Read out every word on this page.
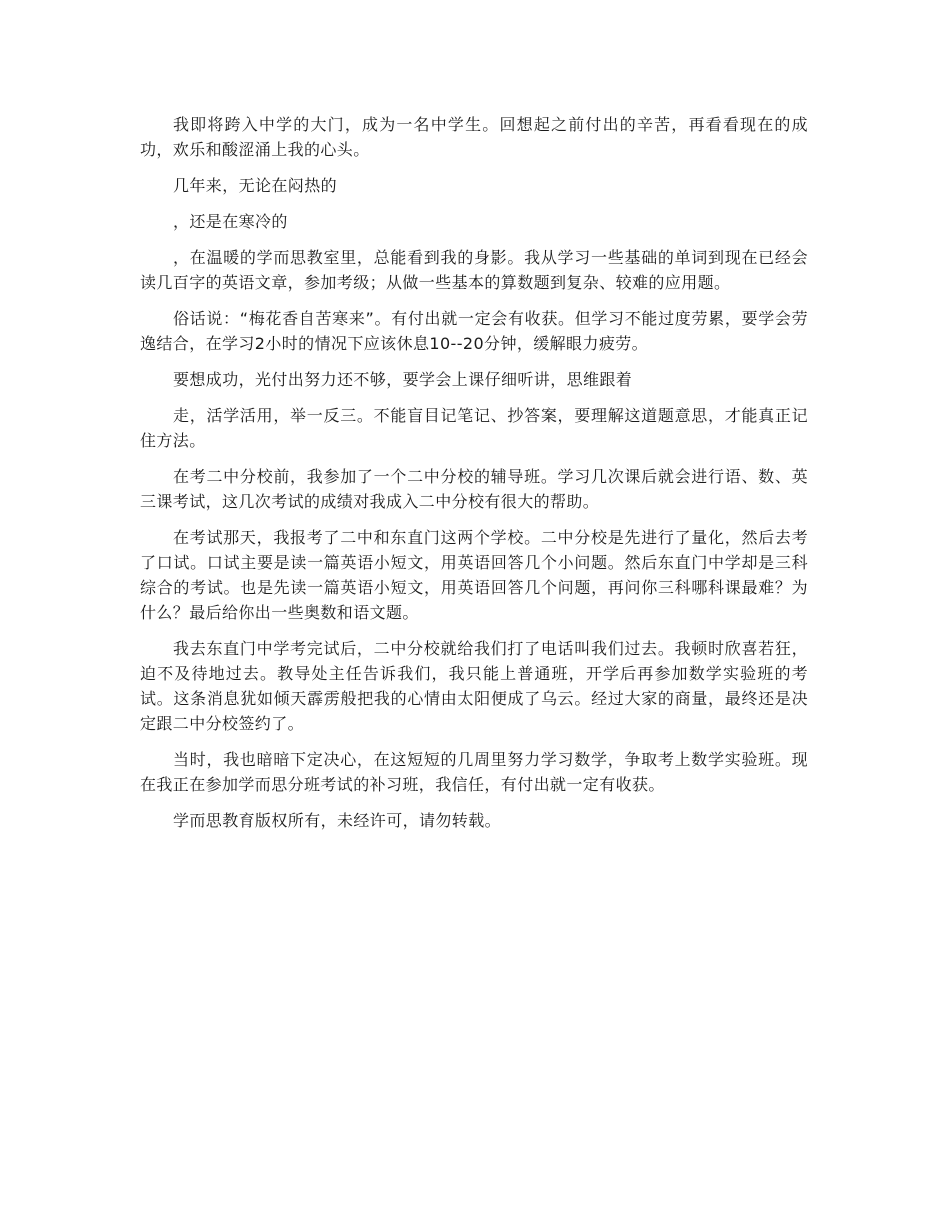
我即将跨入中学的大门，成为一名中学生。回想起之前付出的辛苦，再看看现在的成功，欢乐和酸涩涌上我的心头。

几年来，无论在闷热的

，还是在寒冷的

，在温暖的学而思教室里，总能看到我的身影。我从学习一些基础的单词到现在已经会读几百字的英语文章，参加考级；从做一些基本的算数题到复杂、较难的应用题。

俗话说：“梅花香自苦寒来”。有付出就一定会有收获。但学习不能过度劳累，要学会劳逸结合，在学习2小时的情况下应该休息10--20分钟，缓解眼力疲劳。

要想成功，光付出努力还不够，要学会上课仔细听讲，思维跟着

走，活学活用，举一反三。不能盲目记笔记、抄答案，要理解这道题意思，才能真正记住方法。

在考二中分校前，我参加了一个二中分校的辅导班。学习几次课后就会进行语、数、英三课考试，这几次考试的成绩对我成入二中分校有很大的帮助。

在考试那天，我报考了二中和东直门这两个学校。二中分校是先进行了量化，然后去考了口试。口试主要是读一篇英语小短文，用英语回答几个小问题。然后东直门中学却是三科综合的考试。也是先读一篇英语小短文，用英语回答几个问题，再问你三科哪科课最难？为什么？最后给你出一些奥数和语文题。

我去东直门中学考完试后，二中分校就给我们打了电话叫我们过去。我顿时欣喜若狂，迫不及待地过去。教导处主任告诉我们，我只能上普通班，开学后再参加数学实验班的考试。这条消息犹如倾天霹雳般把我的心情由太阳便成了乌云。经过大家的商量，最终还是决定跟二中分校签约了。

当时，我也暗暗下定决心，在这短短的几周里努力学习数学，争取考上数学实验班。现在我正在参加学而思分班考试的补习班，我信任，有付出就一定有收获。

学而思教育版权所有，未经许可，请勿转载。
